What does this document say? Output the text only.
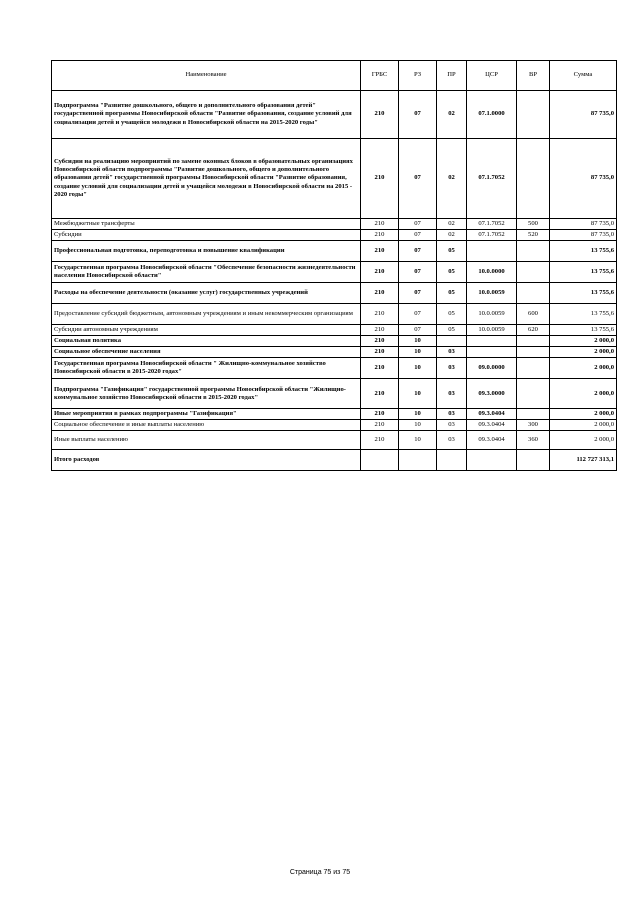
Наименование	ГРБС	РЗ	ПР	ЦСР	ВР	Сумма
Подпрограмма "Развитие дошкольного, общего и дополнительного образования детей" государственной программы Новосибирской области "Развитие образования, создание условий для социализации детей и учащейся молодежи в Новосибирской области на 2015-2020 годы"	210	07	02	07.1.0000		87 735,0
Субсидии на реализацию мероприятий по замене оконных блоков в образовательных организациях Новосибирской области подпрограммы "Развитие дошкольного, общего и дополнительного образования детей" государственной программы Новосибирской области "Развитие образования, создание условий для социализации детей и учащейся молодежи в Новосибирской области на 2015 - 2020 годы"	210	07	02	07.1.7052		87 735,0
Межбюджетные трансферты	210	07	02	07.1.7052	500	87 735,0
Субсидии	210	07	02	07.1.7052	520	87 735,0
Профессиональная подготовка, переподготовка и повышение квалификации	210	07	05			13 755,6
Государственная программа Новосибирской области "Обеспечение безопасности жизнедеятельности населения Новосибирской области"	210	07	05	10.0.0000		13 755,6
Расходы на обеспечение деятельности (оказание услуг) государственных учреждений	210	07	05	10.0.0059		13 755,6
Предоставление субсидий бюджетным, автономным учреждениям и иным некоммерческим организациям	210	07	05	10.0.0059	600	13 755,6
Субсидии автономным учреждениям	210	07	05	10.0.0059	620	13 755,6
Социальная политика	210	10				2 000,0
Социальное обеспечение населения	210	10	03			2 000,0
Государственная программа Новосибирской области " Жилищно-коммунальное хозяйство Новосибирской области в 2015-2020 годах"	210	10	03	09.0.0000		2 000,0
Подпрограмма "Газификация" государственной программы Новосибирской области "Жилищно-коммунальное хозяйство Новосибирской области в 2015-2020 годах"	210	10	03	09.3.0000		2 000,0
Иные мероприятия в рамках подпрограммы "Газификация"	210	10	03	09.3.0404		2 000,0
Социальное обеспечение и иные выплаты населению	210	10	03	09.3.0404	300	2 000,0
Иные выплаты населению	210	10	03	09.3.0404	360	2 000,0
Итого расходов						112 727 313,1
Страница 75 из 75
